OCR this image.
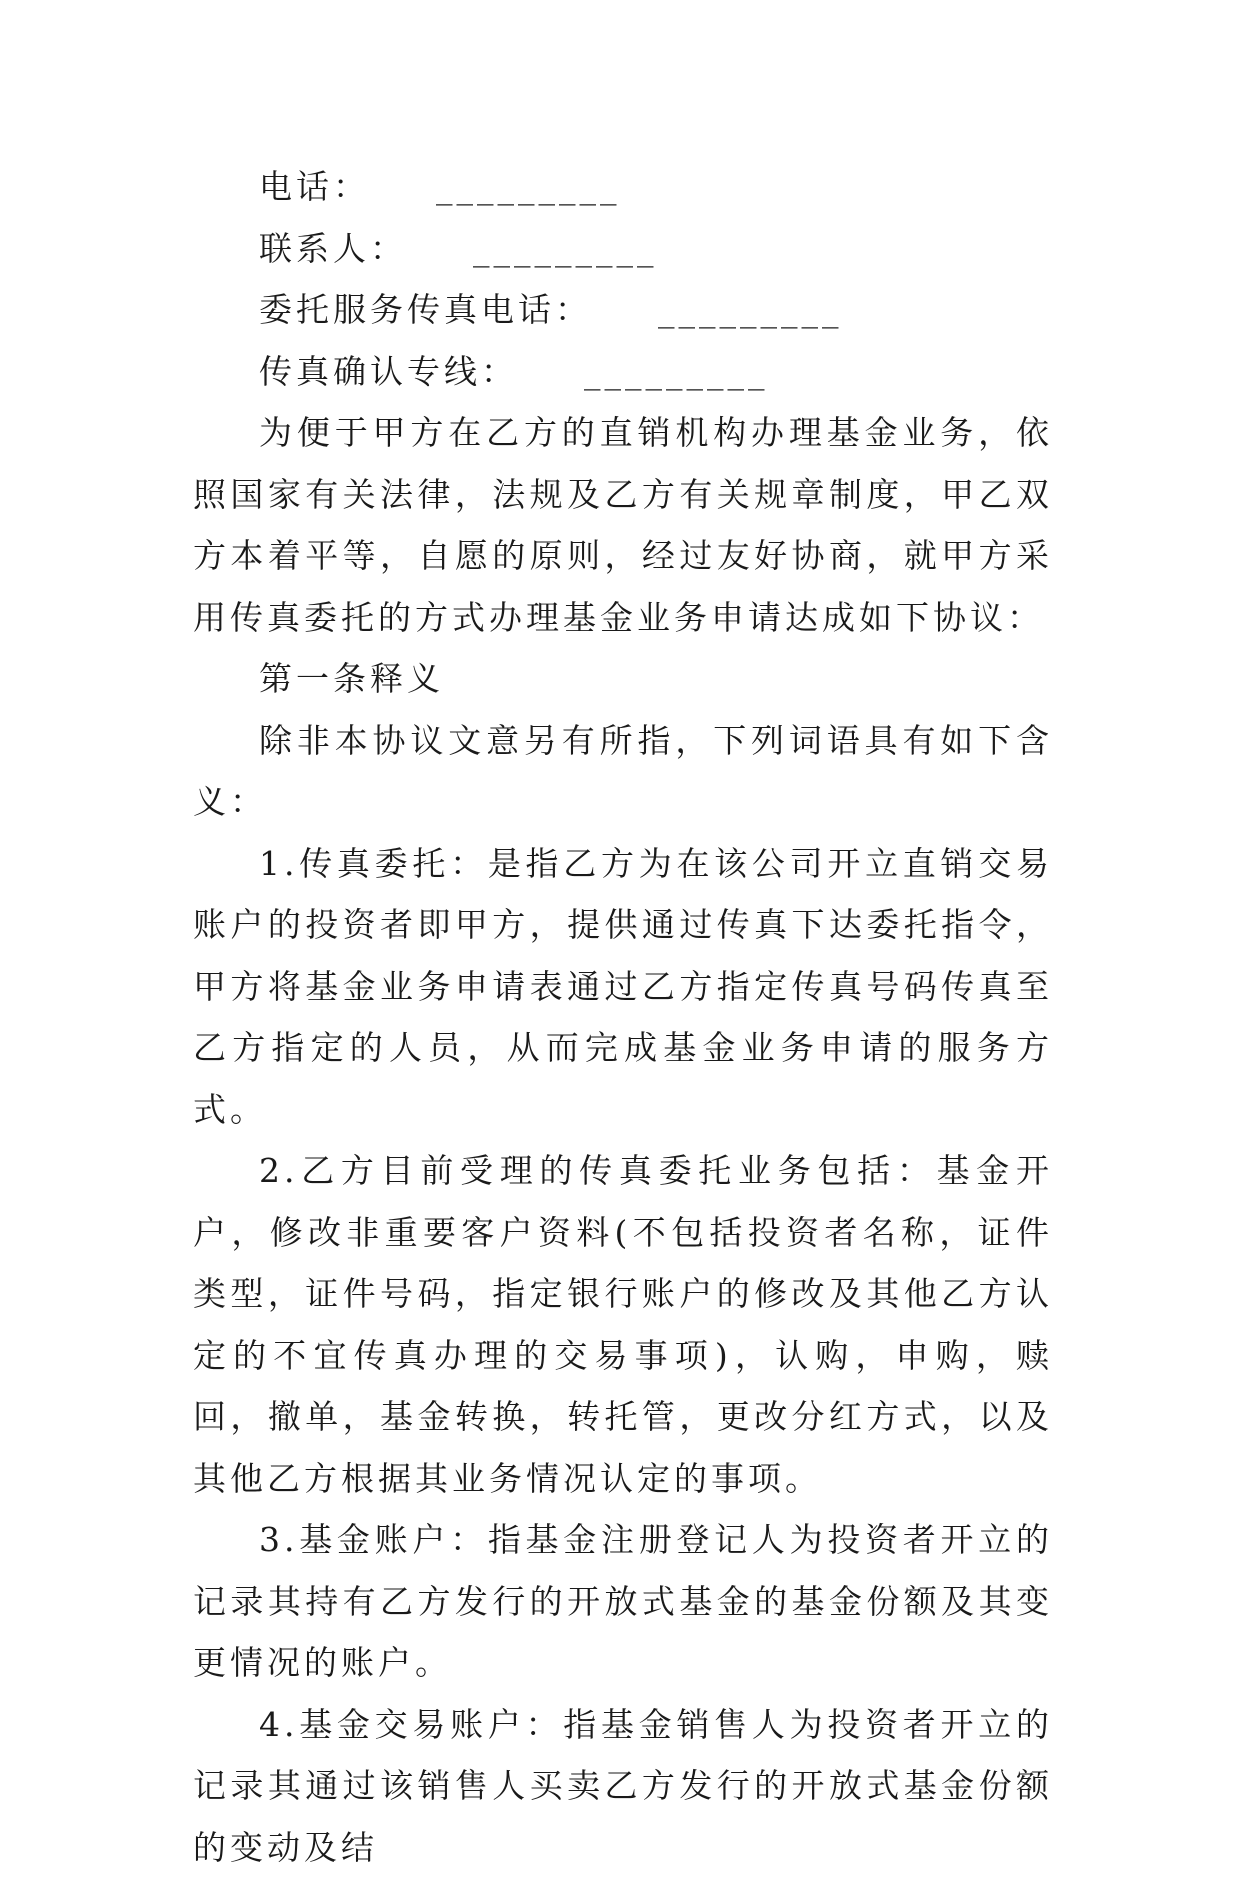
电话： _________

联系人： _________

委托服务传真电话： _________

传真确认专线： _________

为便于甲方在乙方的直销机构办理基金业务，依照国家有关法律，法规及乙方有关规章制度，甲乙双方本着平等，自愿的原则，经过友好协商，就甲方采用传真委托的方式办理基金业务申请达成如下协议：

第一条释义

除非本协议文意另有所指，下列词语具有如下含义：

1.传真委托：是指乙方为在该公司开立直销交易账户的投资者即甲方，提供通过传真下达委托指令，甲方将基金业务申请表通过乙方指定传真号码传真至乙方指定的人员，从而完成基金业务申请的服务方式。

2.乙方目前受理的传真委托业务包括：基金开户，修改非重要客户资料(不包括投资者名称，证件类型，证件号码，指定银行账户的修改及其他乙方认定的不宜传真办理的交易事项)，认购，申购，赎回，撤单，基金转换，转托管，更改分红方式，以及其他乙方根据其业务情况认定的事项。

3.基金账户：指基金注册登记人为投资者开立的记录其持有乙方发行的开放式基金的基金份额及其变更情况的账户。

4.基金交易账户：指基金销售人为投资者开立的记录其通过该销售人买卖乙方发行的开放式基金份额的变动及结
